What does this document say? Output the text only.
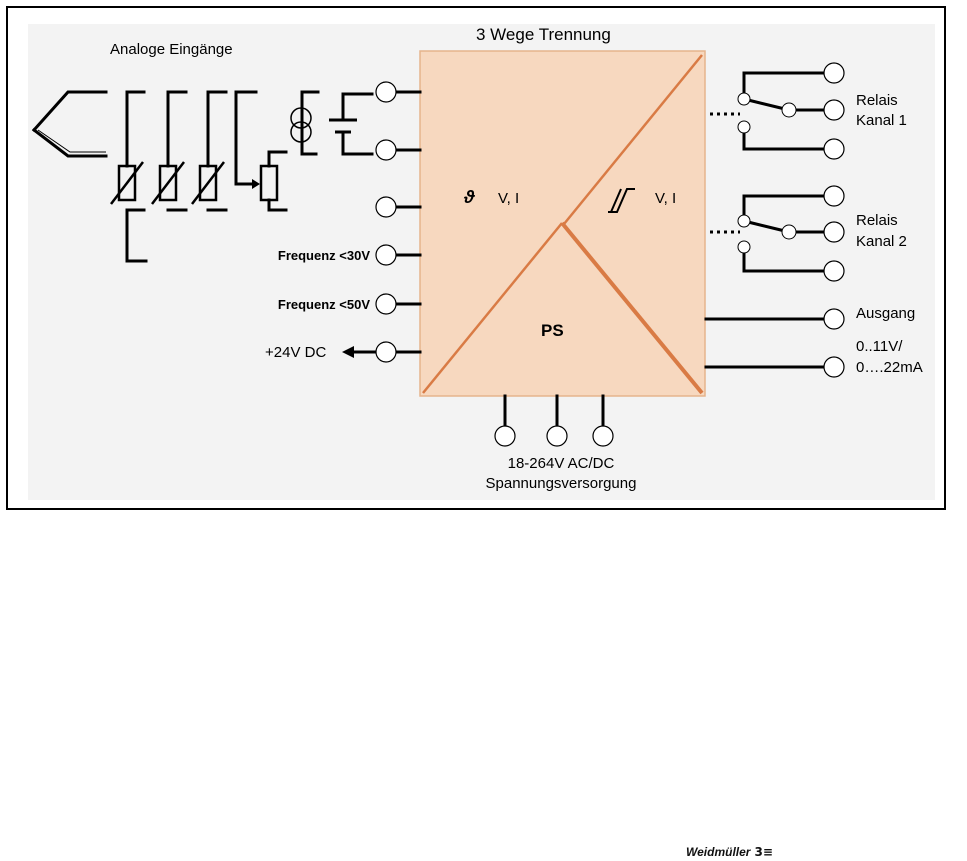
3 Wege Trennung
Analoge Eingänge
ϑ V, I	V, I
PS
Frequenz <30V
Frequenz <50V
+24V DC
Relais
Kanal 1
Relais
Kanal 2
Ausgang
0..11V/
0….22mA
18-264V AC/DC
Spannungsversorgung
Weidmüller 3≡
